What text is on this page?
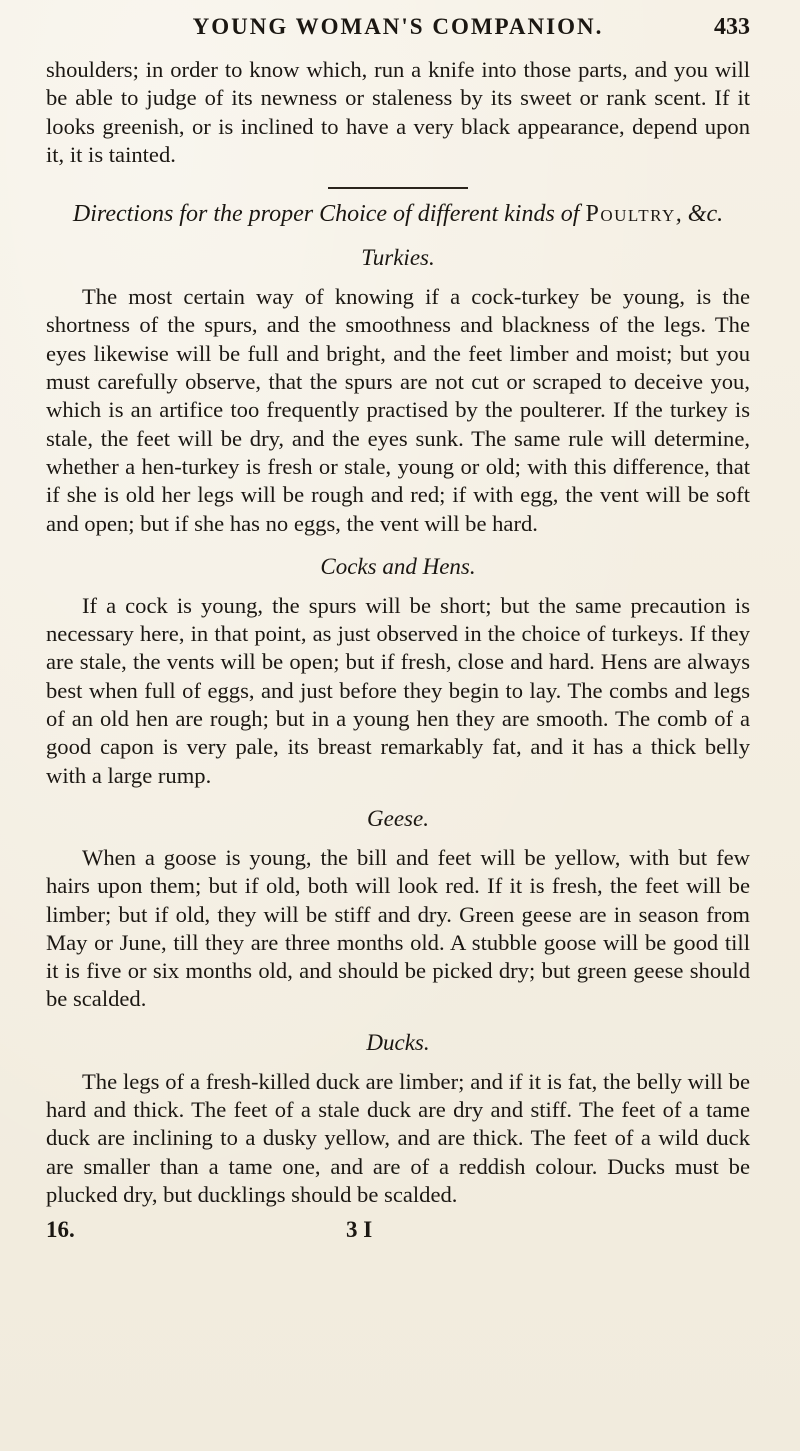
YOUNG WOMAN'S COMPANION.	433

shoulders; in order to know which, run a knife into those parts, and you will be able to judge of its newness or staleness by its sweet or rank scent. If it looks greenish, or is inclined to have a very black appearance, depend upon it, it is tainted.

Directions for the proper Choice of different kinds of Poultry, &c.
Turkies.

The most certain way of knowing if a cock-turkey be young, is the shortness of the spurs, and the smoothness and blackness of the legs. The eyes likewise will be full and bright, and the feet limber and moist; but you must carefully observe, that the spurs are not cut or scraped to deceive you, which is an artifice too frequently practised by the poulterer. If the turkey is stale, the feet will be dry, and the eyes sunk. The same rule will determine, whether a hen-turkey is fresh or stale, young or old; with this difference, that if she is old her legs will be rough and red; if with egg, the vent will be soft and open; but if she has no eggs, the vent will be hard.

Cocks and Hens.

If a cock is young, the spurs will be short; but the same precaution is necessary here, in that point, as just observed in the choice of turkeys. If they are stale, the vents will be open; but if fresh, close and hard. Hens are always best when full of eggs, and just before they begin to lay. The combs and legs of an old hen are rough; but in a young hen they are smooth. The comb of a good capon is very pale, its breast remarkably fat, and it has a thick belly with a large rump.

Geese.

When a goose is young, the bill and feet will be yellow, with but few hairs upon them; but if old, both will look red. If it is fresh, the feet will be limber; but if old, they will be stiff and dry. Green geese are in season from May or June, till they are three months old. A stubble goose will be good till it is five or six months old, and should be picked dry; but green geese should be scalded.

Ducks.

The legs of a fresh-killed duck are limber; and if it is fat, the belly will be hard and thick. The feet of a stale duck are dry and stiff. The feet of a tame duck are inclining to a dusky yellow, and are thick. The feet of a wild duck are smaller than a tame one, and are of a reddish colour. Ducks must be plucked dry, but ducklings should be scalded.

16.	3 I
